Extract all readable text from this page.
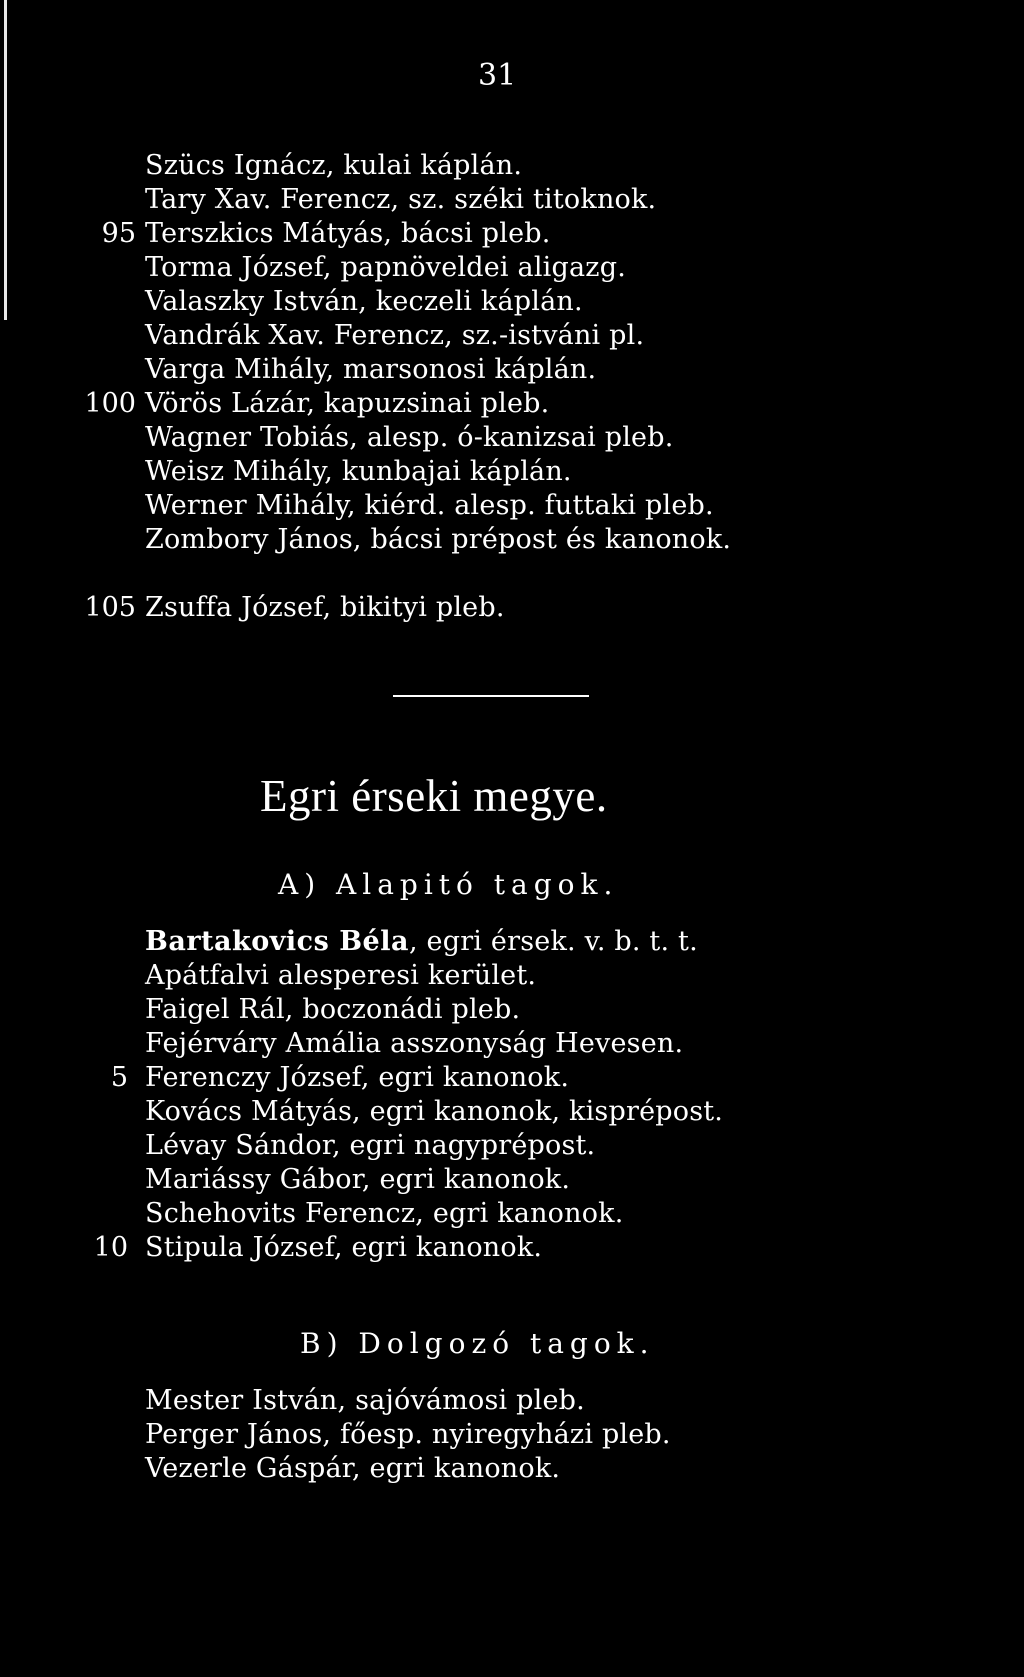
31
95
100
105
Szücs Ignácz, kulai káplán.
Tary Xav. Ferencz, sz. széki titoknok.
Terszkics Mátyás, bácsi pleb.
Torma József, papnöveldei aligazg.
Valaszky István, keczeli káplán.
Vandrák Xav. Ferencz, sz.-istváni pl.
Varga Mihály, marsonosi káplán.
Vörös Lázár, kapuzsinai pleb.
Wagner Tobiás, alesp. ó-kanizsai pleb.
Weisz Mihály, kunbajai káplán.
Werner Mihály, kiérd. alesp. futtaki pleb.
Zombory János, bácsi prépost és kanonok.
Zsuffa József, bikityi pleb.
Egri érseki megye.
A) Alapitó tagok.
Bartakovics Béla, egri érsek. v. b. t. t.
Apátfalvi alesperesi kerület.
Faigel Rál, boczonádi pleb.
Fejérváry Amália asszonyság Hevesen.
5 Ferenczy József, egri kanonok.
Kovács Mátyás, egri kanonok, kisprépost.
Lévay Sándor, egri nagyprépost.
Mariássy Gábor, egri kanonok.
Schehovits Ferencz, egri kanonok.
10 Stipula József, egri kanonok.
B) Dolgozó tagok.
Mester István, sajóvámosi pleb.
Perger János, főesp. nyiregyházi pleb.
Vezerle Gáspár, egri kanonok.
